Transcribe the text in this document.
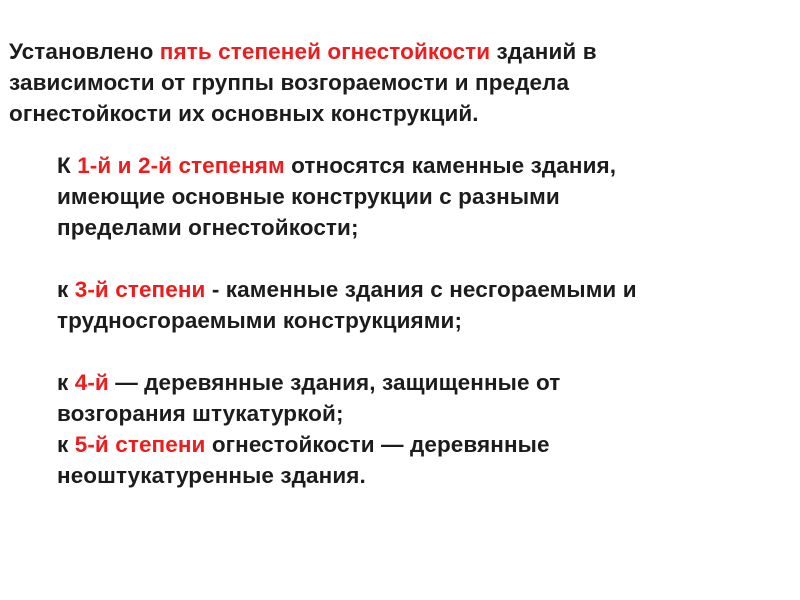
Установлено пять степеней огнестойкости зданий в
зависимости от группы возгораемости и предела
огнестойкости их основных конструкций.
К 1-й и 2-й степеням относятся каменные здания,
имеющие основные конструкции с разными
пределами огнестойкости;
к 3-й степени - каменные здания с несгораемыми и
трудносгораемыми конструкциями;
к 4-й — деревянные здания, защищенные от
возгорания штукатуркой;
к 5-й степени огнестойкости — деревянные
неоштукатуренные здания.
